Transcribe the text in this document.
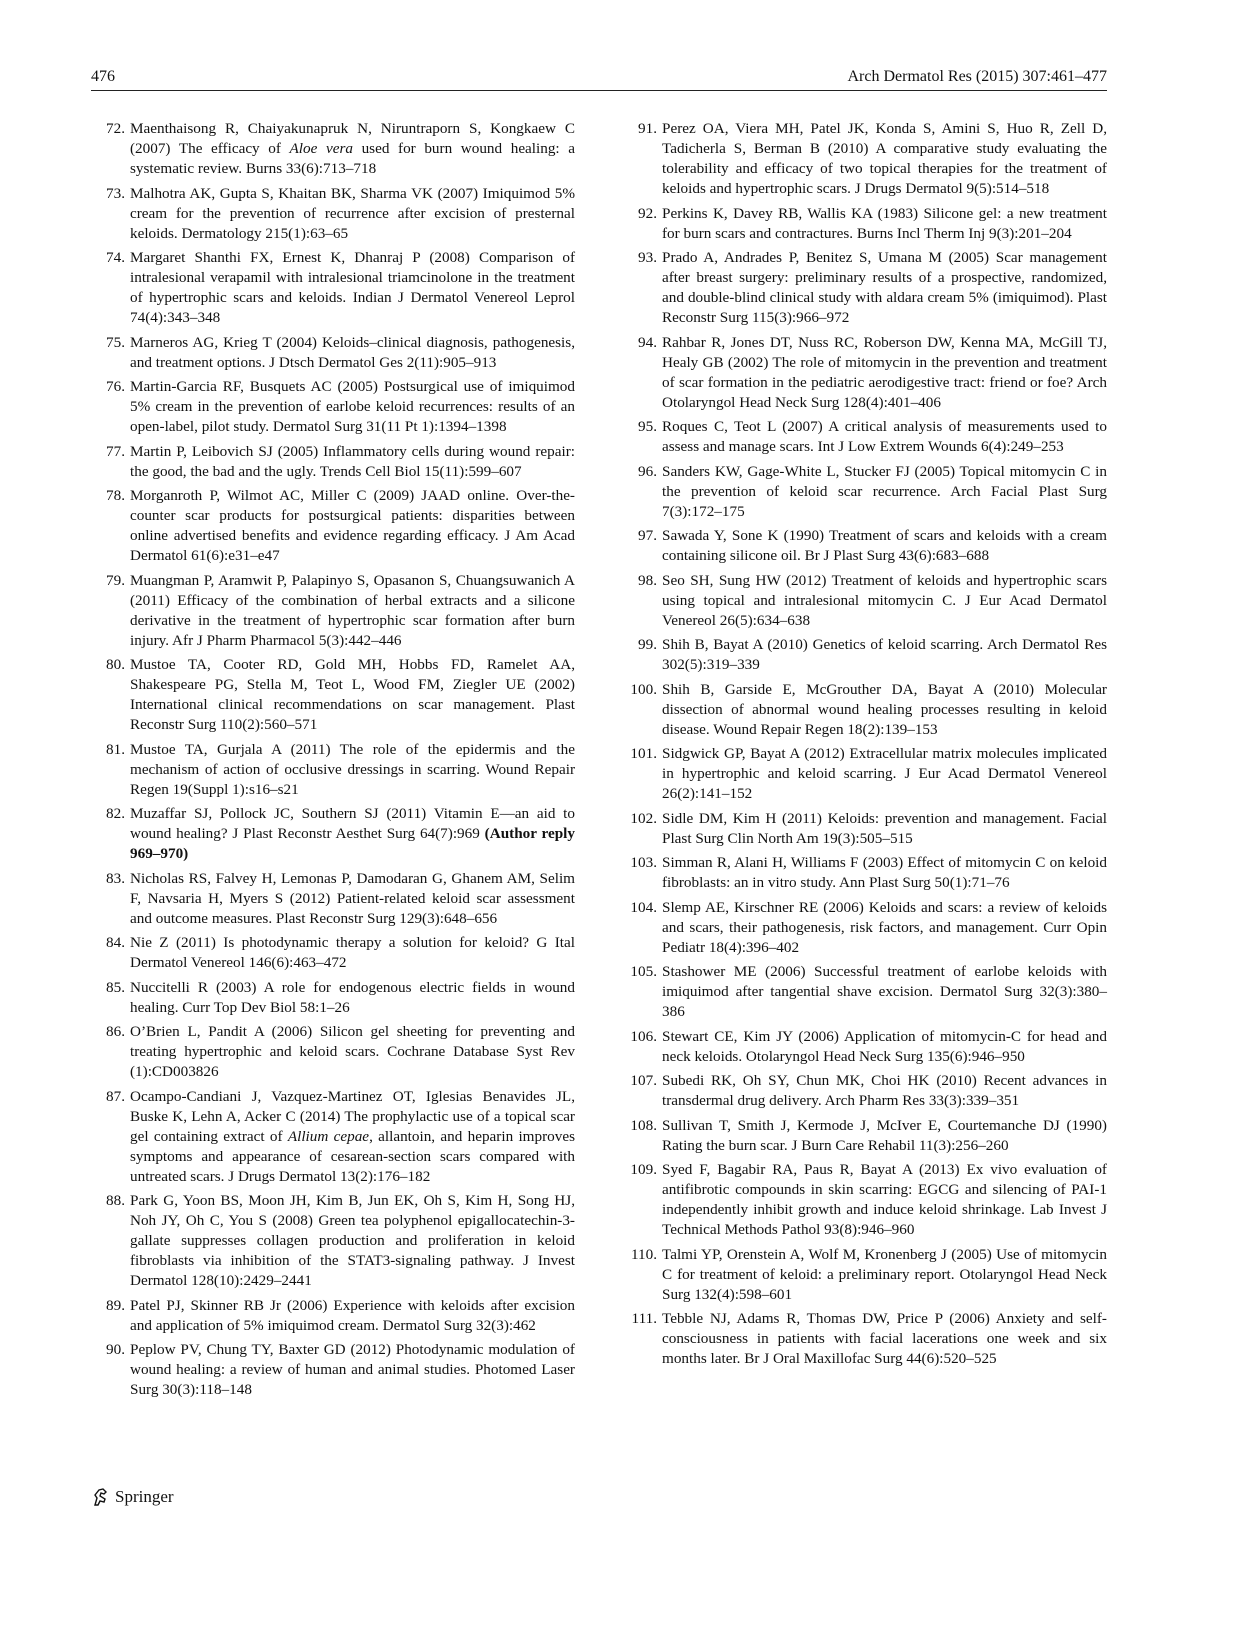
476	Arch Dermatol Res (2015) 307:461–477
72. Maenthaisong R, Chaiyakunapruk N, Niruntraporn S, Kongkaew C (2007) The efficacy of Aloe vera used for burn wound healing: a systematic review. Burns 33(6):713–718
73. Malhotra AK, Gupta S, Khaitan BK, Sharma VK (2007) Imiquimod 5% cream for the prevention of recurrence after excision of presternal keloids. Dermatology 215(1):63–65
74. Margaret Shanthi FX, Ernest K, Dhanraj P (2008) Comparison of intralesional verapamil with intralesional triamcinolone in the treatment of hypertrophic scars and keloids. Indian J Dermatol Venereol Leprol 74(4):343–348
75. Marneros AG, Krieg T (2004) Keloids–clinical diagnosis, pathogenesis, and treatment options. J Dtsch Dermatol Ges 2(11):905–913
76. Martin-Garcia RF, Busquets AC (2005) Postsurgical use of imiquimod 5% cream in the prevention of earlobe keloid recurrences: results of an open-label, pilot study. Dermatol Surg 31(11 Pt 1):1394–1398
77. Martin P, Leibovich SJ (2005) Inflammatory cells during wound repair: the good, the bad and the ugly. Trends Cell Biol 15(11):599–607
78. Morganroth P, Wilmot AC, Miller C (2009) JAAD online. Over-the-counter scar products for postsurgical patients: disparities between online advertised benefits and evidence regarding efficacy. J Am Acad Dermatol 61(6):e31–e47
79. Muangman P, Aramwit P, Palapinyo S, Opasanon S, Chuangsuwanich A (2011) Efficacy of the combination of herbal extracts and a silicone derivative in the treatment of hypertrophic scar formation after burn injury. Afr J Pharm Pharmacol 5(3):442–446
80. Mustoe TA, Cooter RD, Gold MH, Hobbs FD, Ramelet AA, Shakespeare PG, Stella M, Teot L, Wood FM, Ziegler UE (2002) International clinical recommendations on scar management. Plast Reconstr Surg 110(2):560–571
81. Mustoe TA, Gurjala A (2011) The role of the epidermis and the mechanism of action of occlusive dressings in scarring. Wound Repair Regen 19(Suppl 1):s16–s21
82. Muzaffar SJ, Pollock JC, Southern SJ (2011) Vitamin E—an aid to wound healing? J Plast Reconstr Aesthet Surg 64(7):969 (Author reply 969–970)
83. Nicholas RS, Falvey H, Lemonas P, Damodaran G, Ghanem AM, Selim F, Navsaria H, Myers S (2012) Patient-related keloid scar assessment and outcome measures. Plast Reconstr Surg 129(3):648–656
84. Nie Z (2011) Is photodynamic therapy a solution for keloid? G Ital Dermatol Venereol 146(6):463–472
85. Nuccitelli R (2003) A role for endogenous electric fields in wound healing. Curr Top Dev Biol 58:1–26
86. O’Brien L, Pandit A (2006) Silicon gel sheeting for preventing and treating hypertrophic and keloid scars. Cochrane Database Syst Rev (1):CD003826
87. Ocampo-Candiani J, Vazquez-Martinez OT, Iglesias Benavides JL, Buske K, Lehn A, Acker C (2014) The prophylactic use of a topical scar gel containing extract of Allium cepae, allantoin, and heparin improves symptoms and appearance of cesarean-section scars compared with untreated scars. J Drugs Dermatol 13(2):176–182
88. Park G, Yoon BS, Moon JH, Kim B, Jun EK, Oh S, Kim H, Song HJ, Noh JY, Oh C, You S (2008) Green tea polyphenol epigallocatechin-3-gallate suppresses collagen production and proliferation in keloid fibroblasts via inhibition of the STAT3-signaling pathway. J Invest Dermatol 128(10):2429–2441
89. Patel PJ, Skinner RB Jr (2006) Experience with keloids after excision and application of 5% imiquimod cream. Dermatol Surg 32(3):462
90. Peplow PV, Chung TY, Baxter GD (2012) Photodynamic modulation of wound healing: a review of human and animal studies. Photomed Laser Surg 30(3):118–148
91. Perez OA, Viera MH, Patel JK, Konda S, Amini S, Huo R, Zell D, Tadicherla S, Berman B (2010) A comparative study evaluating the tolerability and efficacy of two topical therapies for the treatment of keloids and hypertrophic scars. J Drugs Dermatol 9(5):514–518
92. Perkins K, Davey RB, Wallis KA (1983) Silicone gel: a new treatment for burn scars and contractures. Burns Incl Therm Inj 9(3):201–204
93. Prado A, Andrades P, Benitez S, Umana M (2005) Scar management after breast surgery: preliminary results of a prospective, randomized, and double-blind clinical study with aldara cream 5% (imiquimod). Plast Reconstr Surg 115(3):966–972
94. Rahbar R, Jones DT, Nuss RC, Roberson DW, Kenna MA, McGill TJ, Healy GB (2002) The role of mitomycin in the prevention and treatment of scar formation in the pediatric aerodigestive tract: friend or foe? Arch Otolaryngol Head Neck Surg 128(4):401–406
95. Roques C, Teot L (2007) A critical analysis of measurements used to assess and manage scars. Int J Low Extrem Wounds 6(4):249–253
96. Sanders KW, Gage-White L, Stucker FJ (2005) Topical mitomycin C in the prevention of keloid scar recurrence. Arch Facial Plast Surg 7(3):172–175
97. Sawada Y, Sone K (1990) Treatment of scars and keloids with a cream containing silicone oil. Br J Plast Surg 43(6):683–688
98. Seo SH, Sung HW (2012) Treatment of keloids and hypertrophic scars using topical and intralesional mitomycin C. J Eur Acad Dermatol Venereol 26(5):634–638
99. Shih B, Bayat A (2010) Genetics of keloid scarring. Arch Dermatol Res 302(5):319–339
100. Shih B, Garside E, McGrouther DA, Bayat A (2010) Molecular dissection of abnormal wound healing processes resulting in keloid disease. Wound Repair Regen 18(2):139–153
101. Sidgwick GP, Bayat A (2012) Extracellular matrix molecules implicated in hypertrophic and keloid scarring. J Eur Acad Dermatol Venereol 26(2):141–152
102. Sidle DM, Kim H (2011) Keloids: prevention and management. Facial Plast Surg Clin North Am 19(3):505–515
103. Simman R, Alani H, Williams F (2003) Effect of mitomycin C on keloid fibroblasts: an in vitro study. Ann Plast Surg 50(1):71–76
104. Slemp AE, Kirschner RE (2006) Keloids and scars: a review of keloids and scars, their pathogenesis, risk factors, and management. Curr Opin Pediatr 18(4):396–402
105. Stashower ME (2006) Successful treatment of earlobe keloids with imiquimod after tangential shave excision. Dermatol Surg 32(3):380–386
106. Stewart CE, Kim JY (2006) Application of mitomycin-C for head and neck keloids. Otolaryngol Head Neck Surg 135(6):946–950
107. Subedi RK, Oh SY, Chun MK, Choi HK (2010) Recent advances in transdermal drug delivery. Arch Pharm Res 33(3):339–351
108. Sullivan T, Smith J, Kermode J, McIver E, Courtemanche DJ (1990) Rating the burn scar. J Burn Care Rehabil 11(3):256–260
109. Syed F, Bagabir RA, Paus R, Bayat A (2013) Ex vivo evaluation of antifibrotic compounds in skin scarring: EGCG and silencing of PAI-1 independently inhibit growth and induce keloid shrinkage. Lab Invest J Technical Methods Pathol 93(8):946–960
110. Talmi YP, Orenstein A, Wolf M, Kronenberg J (2005) Use of mitomycin C for treatment of keloid: a preliminary report. Otolaryngol Head Neck Surg 132(4):598–601
111. Tebble NJ, Adams R, Thomas DW, Price P (2006) Anxiety and self-consciousness in patients with facial lacerations one week and six months later. Br J Oral Maxillofac Surg 44(6):520–525
Springer
